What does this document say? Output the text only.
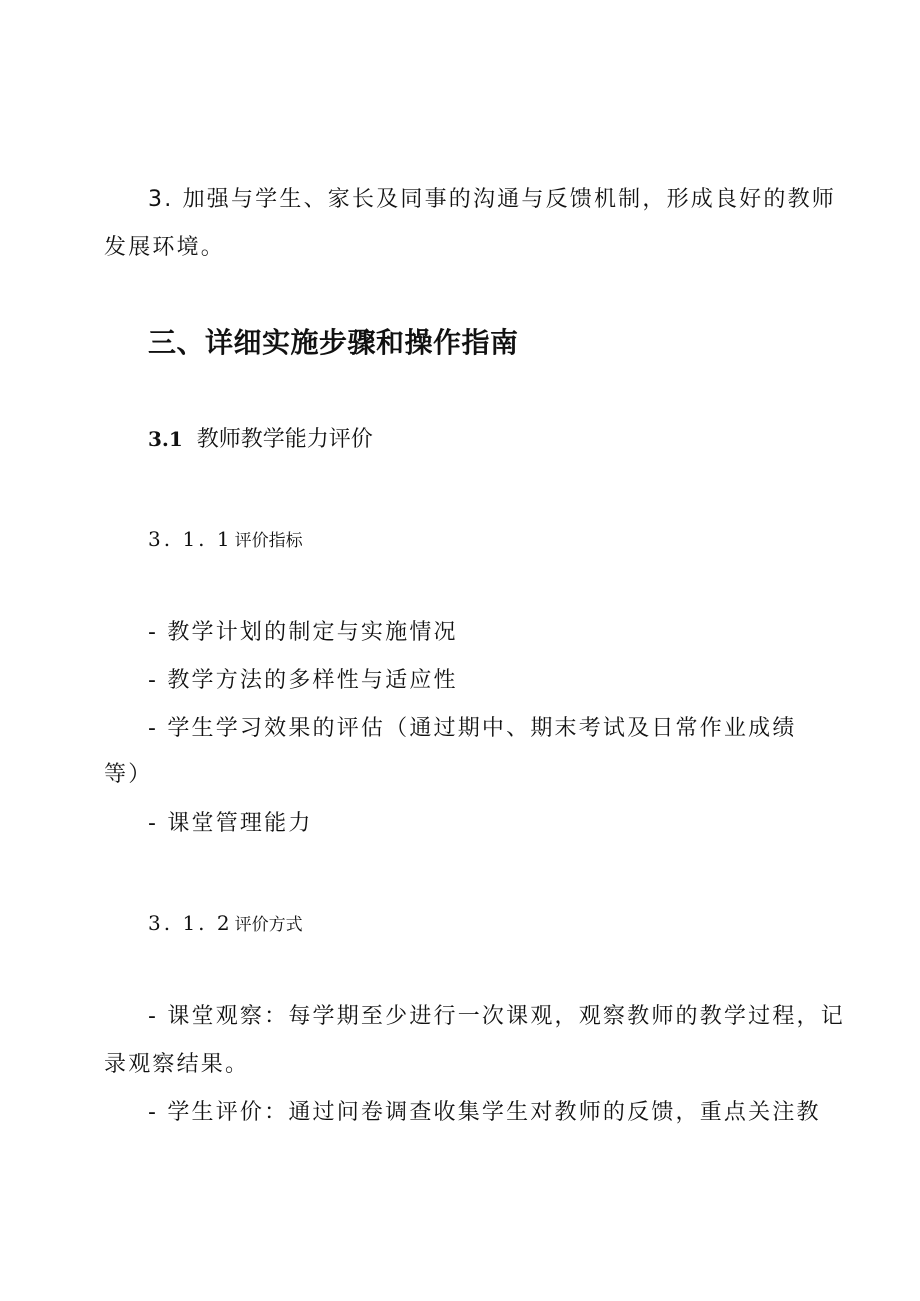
3. 加强与学生、家长及同事的沟通与反馈机制，形成良好的教师

发展环境。

三、详细实施步骤和操作指南
3.1 教师教学能力评价
3. 1. 1 评价指标

- 教学计划的制定与实施情况

- 教学方法的多样性与适应性

- 学生学习效果的评估（通过期中、期末考试及日常作业成绩

等）

- 课堂管理能力

3. 1. 2 评价方式

- 课堂观察：每学期至少进行一次课观，观察教师的教学过程，记

录观察结果。

- 学生评价：通过问卷调查收集学生对教师的反馈，重点关注教
